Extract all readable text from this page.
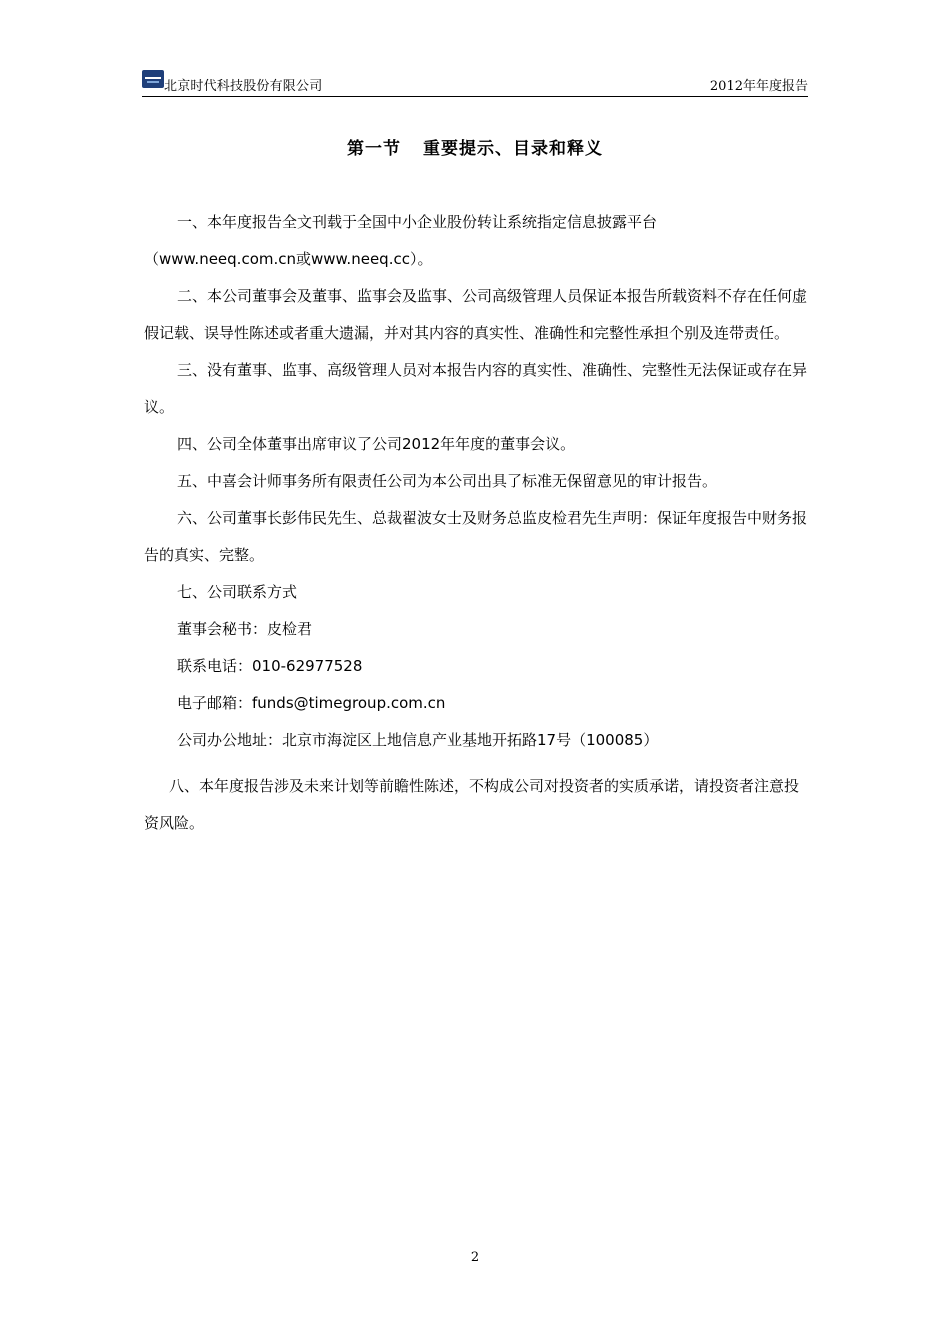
北京时代科技股份有限公司	2012年年度报告
第一节 重要提示、目录和释义

一、本年度报告全文刊载于全国中小企业股份转让系统指定信息披露平台

（www.neeq.com.cn或www.neeq.cc）。

二、本公司董事会及董事、监事会及监事、公司高级管理人员保证本报告所载资料不存在任何虚假记载、误导性陈述或者重大遗漏，并对其内容的真实性、准确性和完整性承担个别及连带责任。

三、没有董事、监事、高级管理人员对本报告内容的真实性、准确性、完整性无法保证或存在异议。

四、公司全体董事出席审议了公司2012年年度的董事会议。

五、中喜会计师事务所有限责任公司为本公司出具了标准无保留意见的审计报告。

六、公司董事长彭伟民先生、总裁翟波女士及财务总监皮检君先生声明：保证年度报告中财务报告的真实、完整。

七、公司联系方式

董事会秘书：皮检君

联系电话：010-62977528

电子邮箱：funds@timegroup.com.cn

公司办公地址：北京市海淀区上地信息产业基地开拓路17号（100085）

八、本年度报告涉及未来计划等前瞻性陈述，不构成公司对投资者的实质承诺，请投资者注意投资风险。

2
